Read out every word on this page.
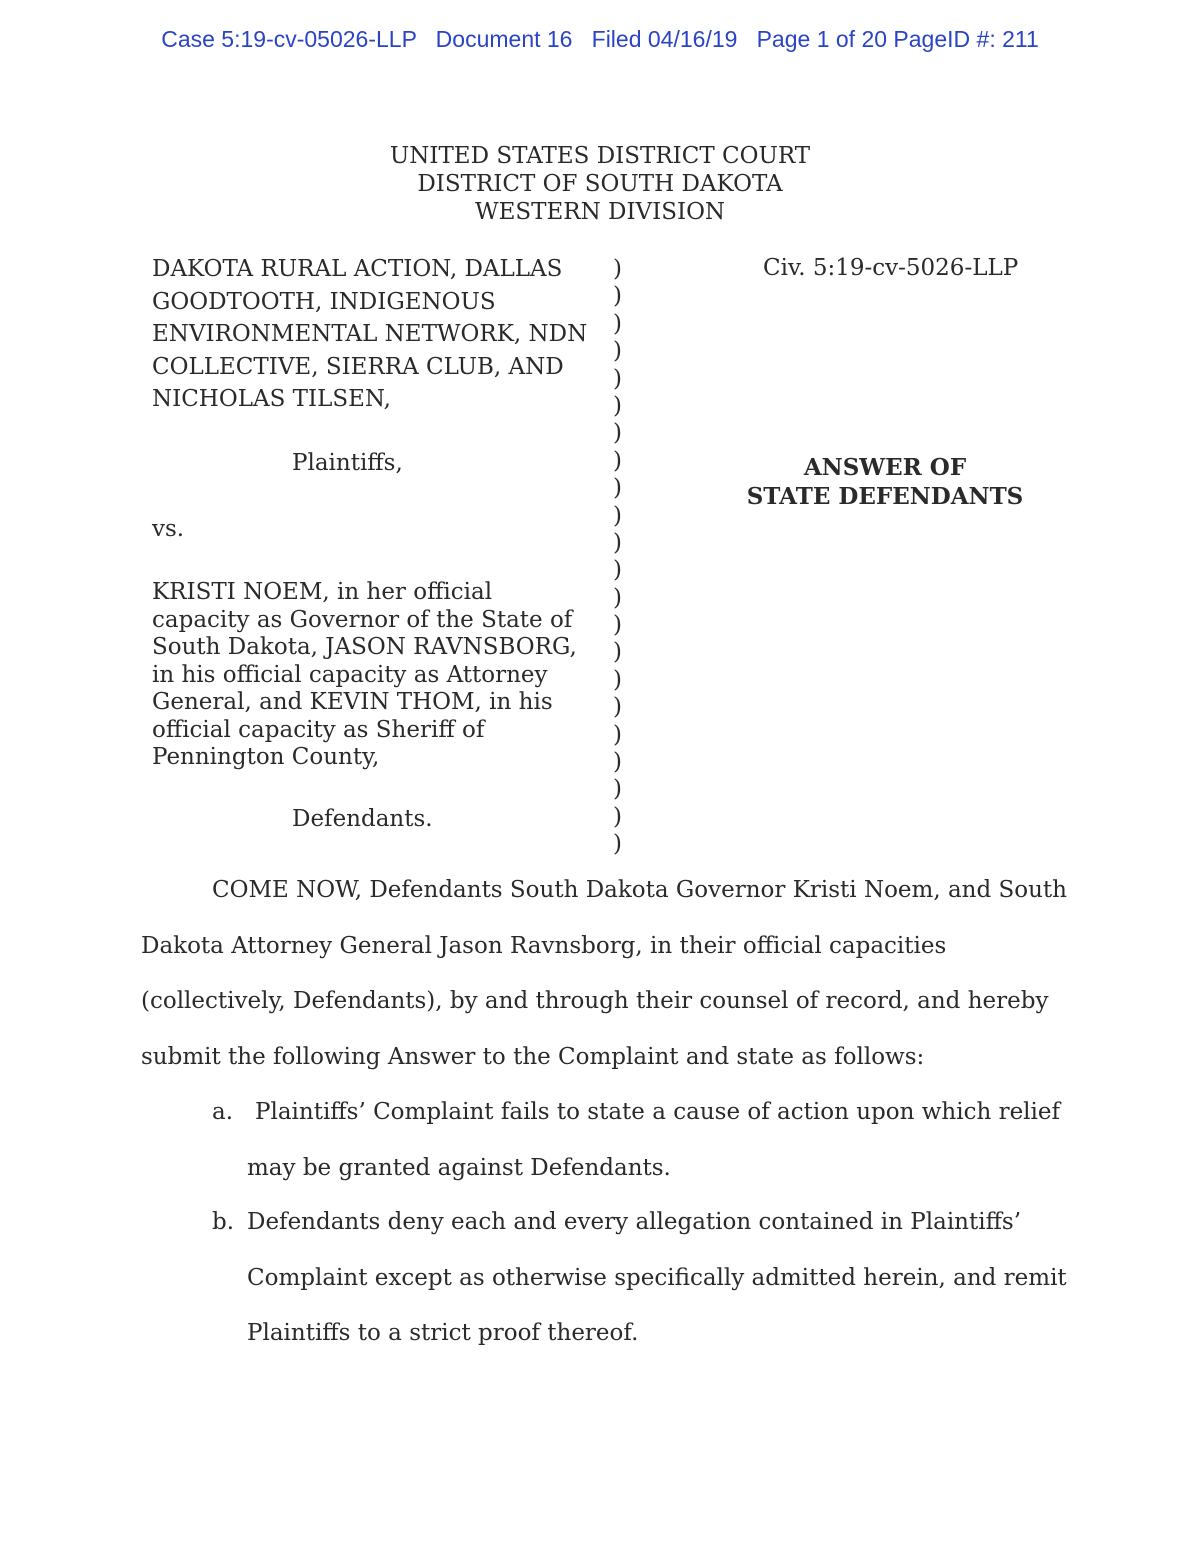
Case 5:19-cv-05026-LLP   Document 16   Filed 04/16/19   Page 1 of 20 PageID #: 211
UNITED STATES DISTRICT COURT
DISTRICT OF SOUTH DAKOTA
WESTERN DIVISION
DAKOTA RURAL ACTION, DALLAS
GOODTOOTH, INDIGENOUS
ENVIRONMENTAL NETWORK, NDN
COLLECTIVE, SIERRA CLUB, AND
NICHOLAS TILSEN,
Plaintiffs,
vs.
KRISTI NOEM, in her official
capacity as Governor of the State of
South Dakota, JASON RAVNSBORG,
in his official capacity as Attorney
General, and KEVIN THOM, in his
official capacity as Sheriff of
Pennington County,
Defendants.
)
)
)
)
)
)
)
)
)
)
)
)
)
)
)
)
)
)
)
)
)
)
Civ. 5:19-cv-5026-LLP
ANSWER OF
STATE DEFENDANTS
COME NOW, Defendants South Dakota Governor Kristi Noem, and South
Dakota Attorney General Jason Ravnsborg, in their official capacities
(collectively, Defendants), by and through their counsel of record, and hereby
submit the following Answer to the Complaint and state as follows:
a. Plaintiffs’ Complaint fails to state a cause of action upon which relief
may be granted against Defendants.
b. Defendants deny each and every allegation contained in Plaintiffs’
Complaint except as otherwise specifically admitted herein, and remit
Plaintiffs to a strict proof thereof.
